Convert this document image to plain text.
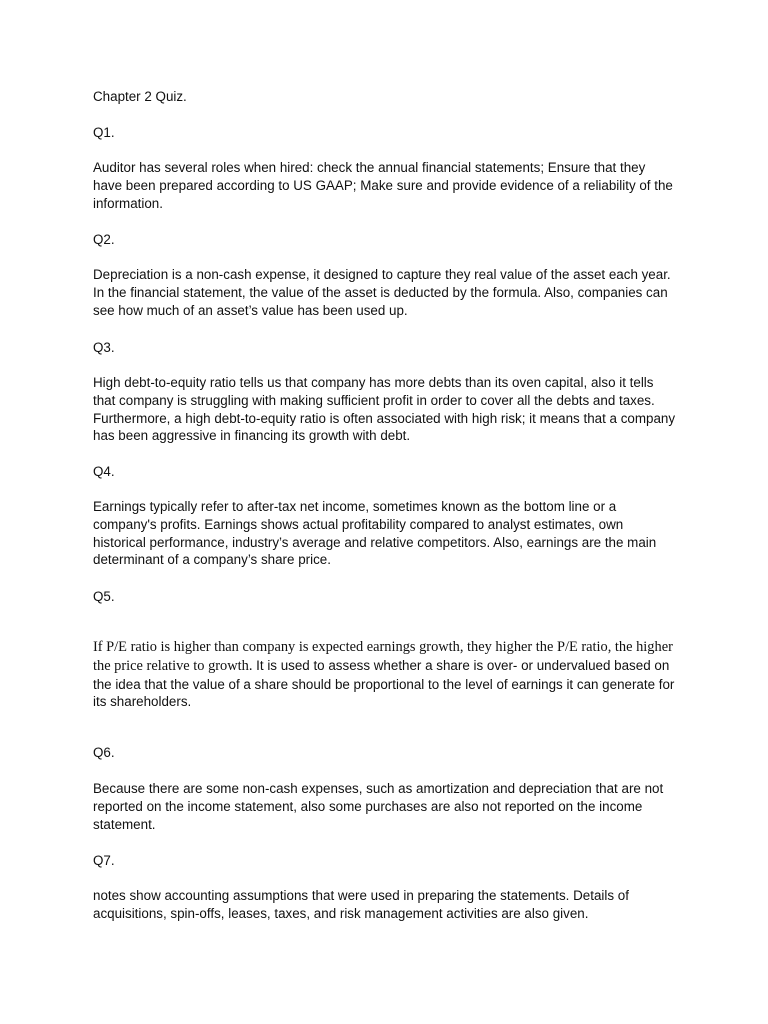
Chapter 2 Quiz.

Q1.

Auditor has several roles when hired: check the annual financial statements; Ensure that they have been prepared according to US GAAP; Make sure and provide evidence of a reliability of the information.

Q2.

Depreciation is a non-cash expense, it designed to capture they real value of the asset each year. In the financial statement, the value of the asset is deducted by the formula. Also, companies can see how much of an asset’s value has been used up.

Q3.

High debt-to-equity ratio tells us that company has more debts than its oven capital, also it tells that company is struggling with making sufficient profit in order to cover all the debts and taxes. Furthermore, a high debt-to-equity ratio is often associated with high risk; it means that a company has been aggressive in financing its growth with debt.

Q4.

Earnings typically refer to after-tax net income, sometimes known as the bottom line or a company's profits. Earnings shows actual profitability compared to analyst estimates, own historical performance, industry’s average and relative competitors. Also, earnings are the main determinant of a company’s share price.

Q5.

If P/E ratio is higher than company is expected earnings growth, they higher the P/E ratio, the higher the price relative to growth. It is used to assess whether a share is over- or undervalued based on the idea that the value of a share should be proportional to the level of earnings it can generate for its shareholders.

Q6.

Because there are some non-cash expenses, such as amortization and depreciation that are not reported on the income statement, also some purchases are also not reported on the income statement.

Q7.

notes show accounting assumptions that were used in preparing the statements. Details of acquisitions, spin-offs, leases, taxes, and risk management activities are also given.
